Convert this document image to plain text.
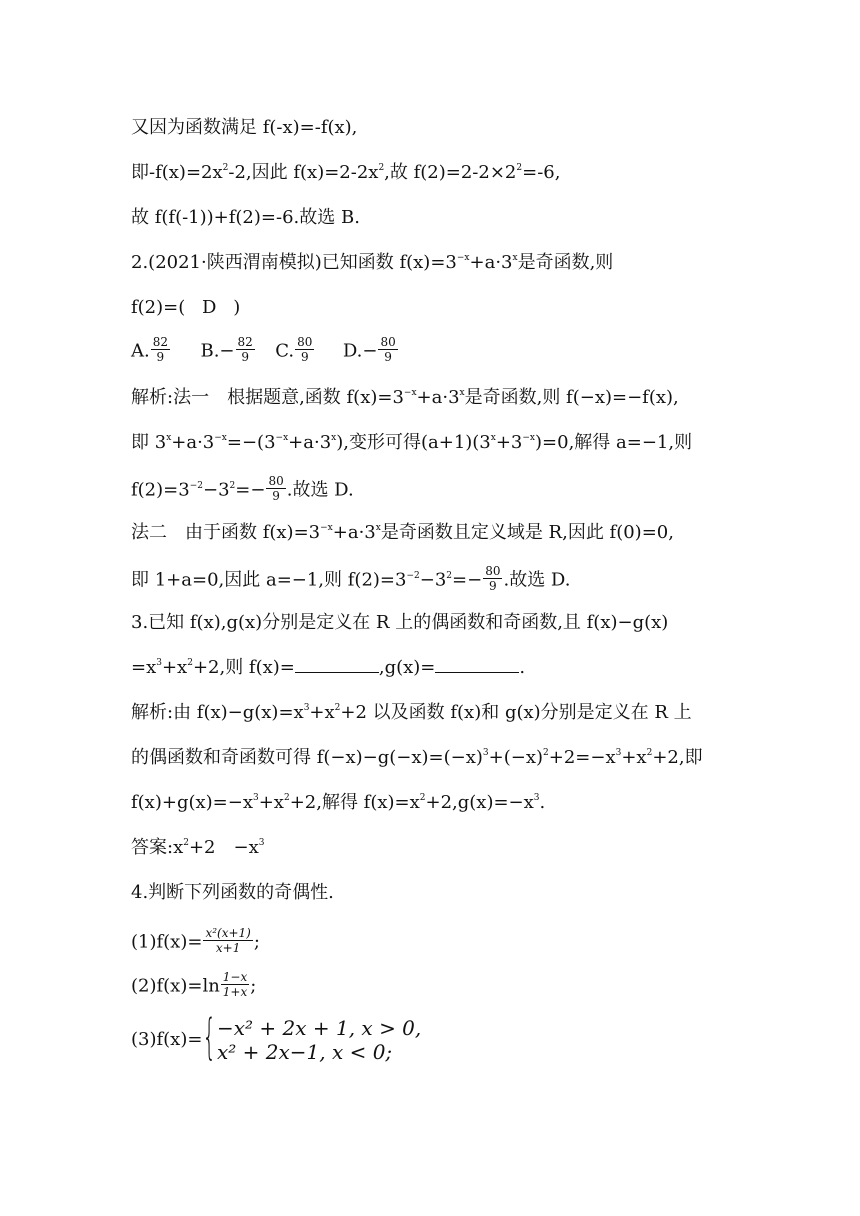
又因为函数满足 f(-x)=-f(x),
即$-f(x)=2x^2-2$,因此 $f(x)=2-2x^2$,故 $f(2)=2-2\times 2^2=-6$,
故 f(f(-1))+f(2)=-6.故选 B.
2.(2021·陕西渭南模拟)已知函数 $f(x)=3^{-x}+a\cdot 3^x$是奇函数,则
f(2)=( D )
A. $\frac{82}{9} B.- \frac{82}{9} C$. $\frac{80}{9} D.- \frac{80}{9}$
解析:法一　根据题意,函数 $f(x)=3^{-x}+a\cdot 3^x$是奇函数,则 f(−x)=−f(x),
即 $3^x+a\cdot 3^{-x}=-(3^{-x}+a\cdot 3^x)$,变形可得$(a+1)(3^x+3^{-x})=0$,解得 a=−1,则
$f(2)=3^{-2}-3^2=- \frac{80}{9}$ .故选 D.
法二　由于函数 $f(x)=3^{-x}+a\cdot 3^x$是奇函数且定义域是 R,因此 f(0)=0,
即 1+a=0,因此 a=−1,则 $f(2)=3^{-2}-3^2=- \frac{80}{9}$ .故选 D.
3.已知 f(x),g(x)分别是定义在 R 上的偶函数和奇函数,且 f(x)−g(x)
$=x^3+x^2+2$,则 f(x)=	,g(x)=	.
解析:由 $f(x)-g(x)=x^3+x^2+2$ 以及函数 f(x)和 g(x)分别是定义在 R 上
的偶函数和奇函数可得 $f(-x)-g(-x)=(-x)^3+(-x)^2+2=-x^3+x^2+2$,即
$f(x)+g(x)=-x^3+x^2+2$,解得 $f(x)=x^2+2,g(x)=-x^3$.
答案$:x^2+2$　$-x^3$
4.判断下列函数的奇偶性.
$(1)f(x)= \frac{\text{x²(x+1)}}{x+1}$ ;
$(2)f(x)=\ln \frac{1-x}{1+x}$ ;
(3)f(x)={ −x² + 2x + 1, x > 0,
x² + 2x−1, x < 0;
